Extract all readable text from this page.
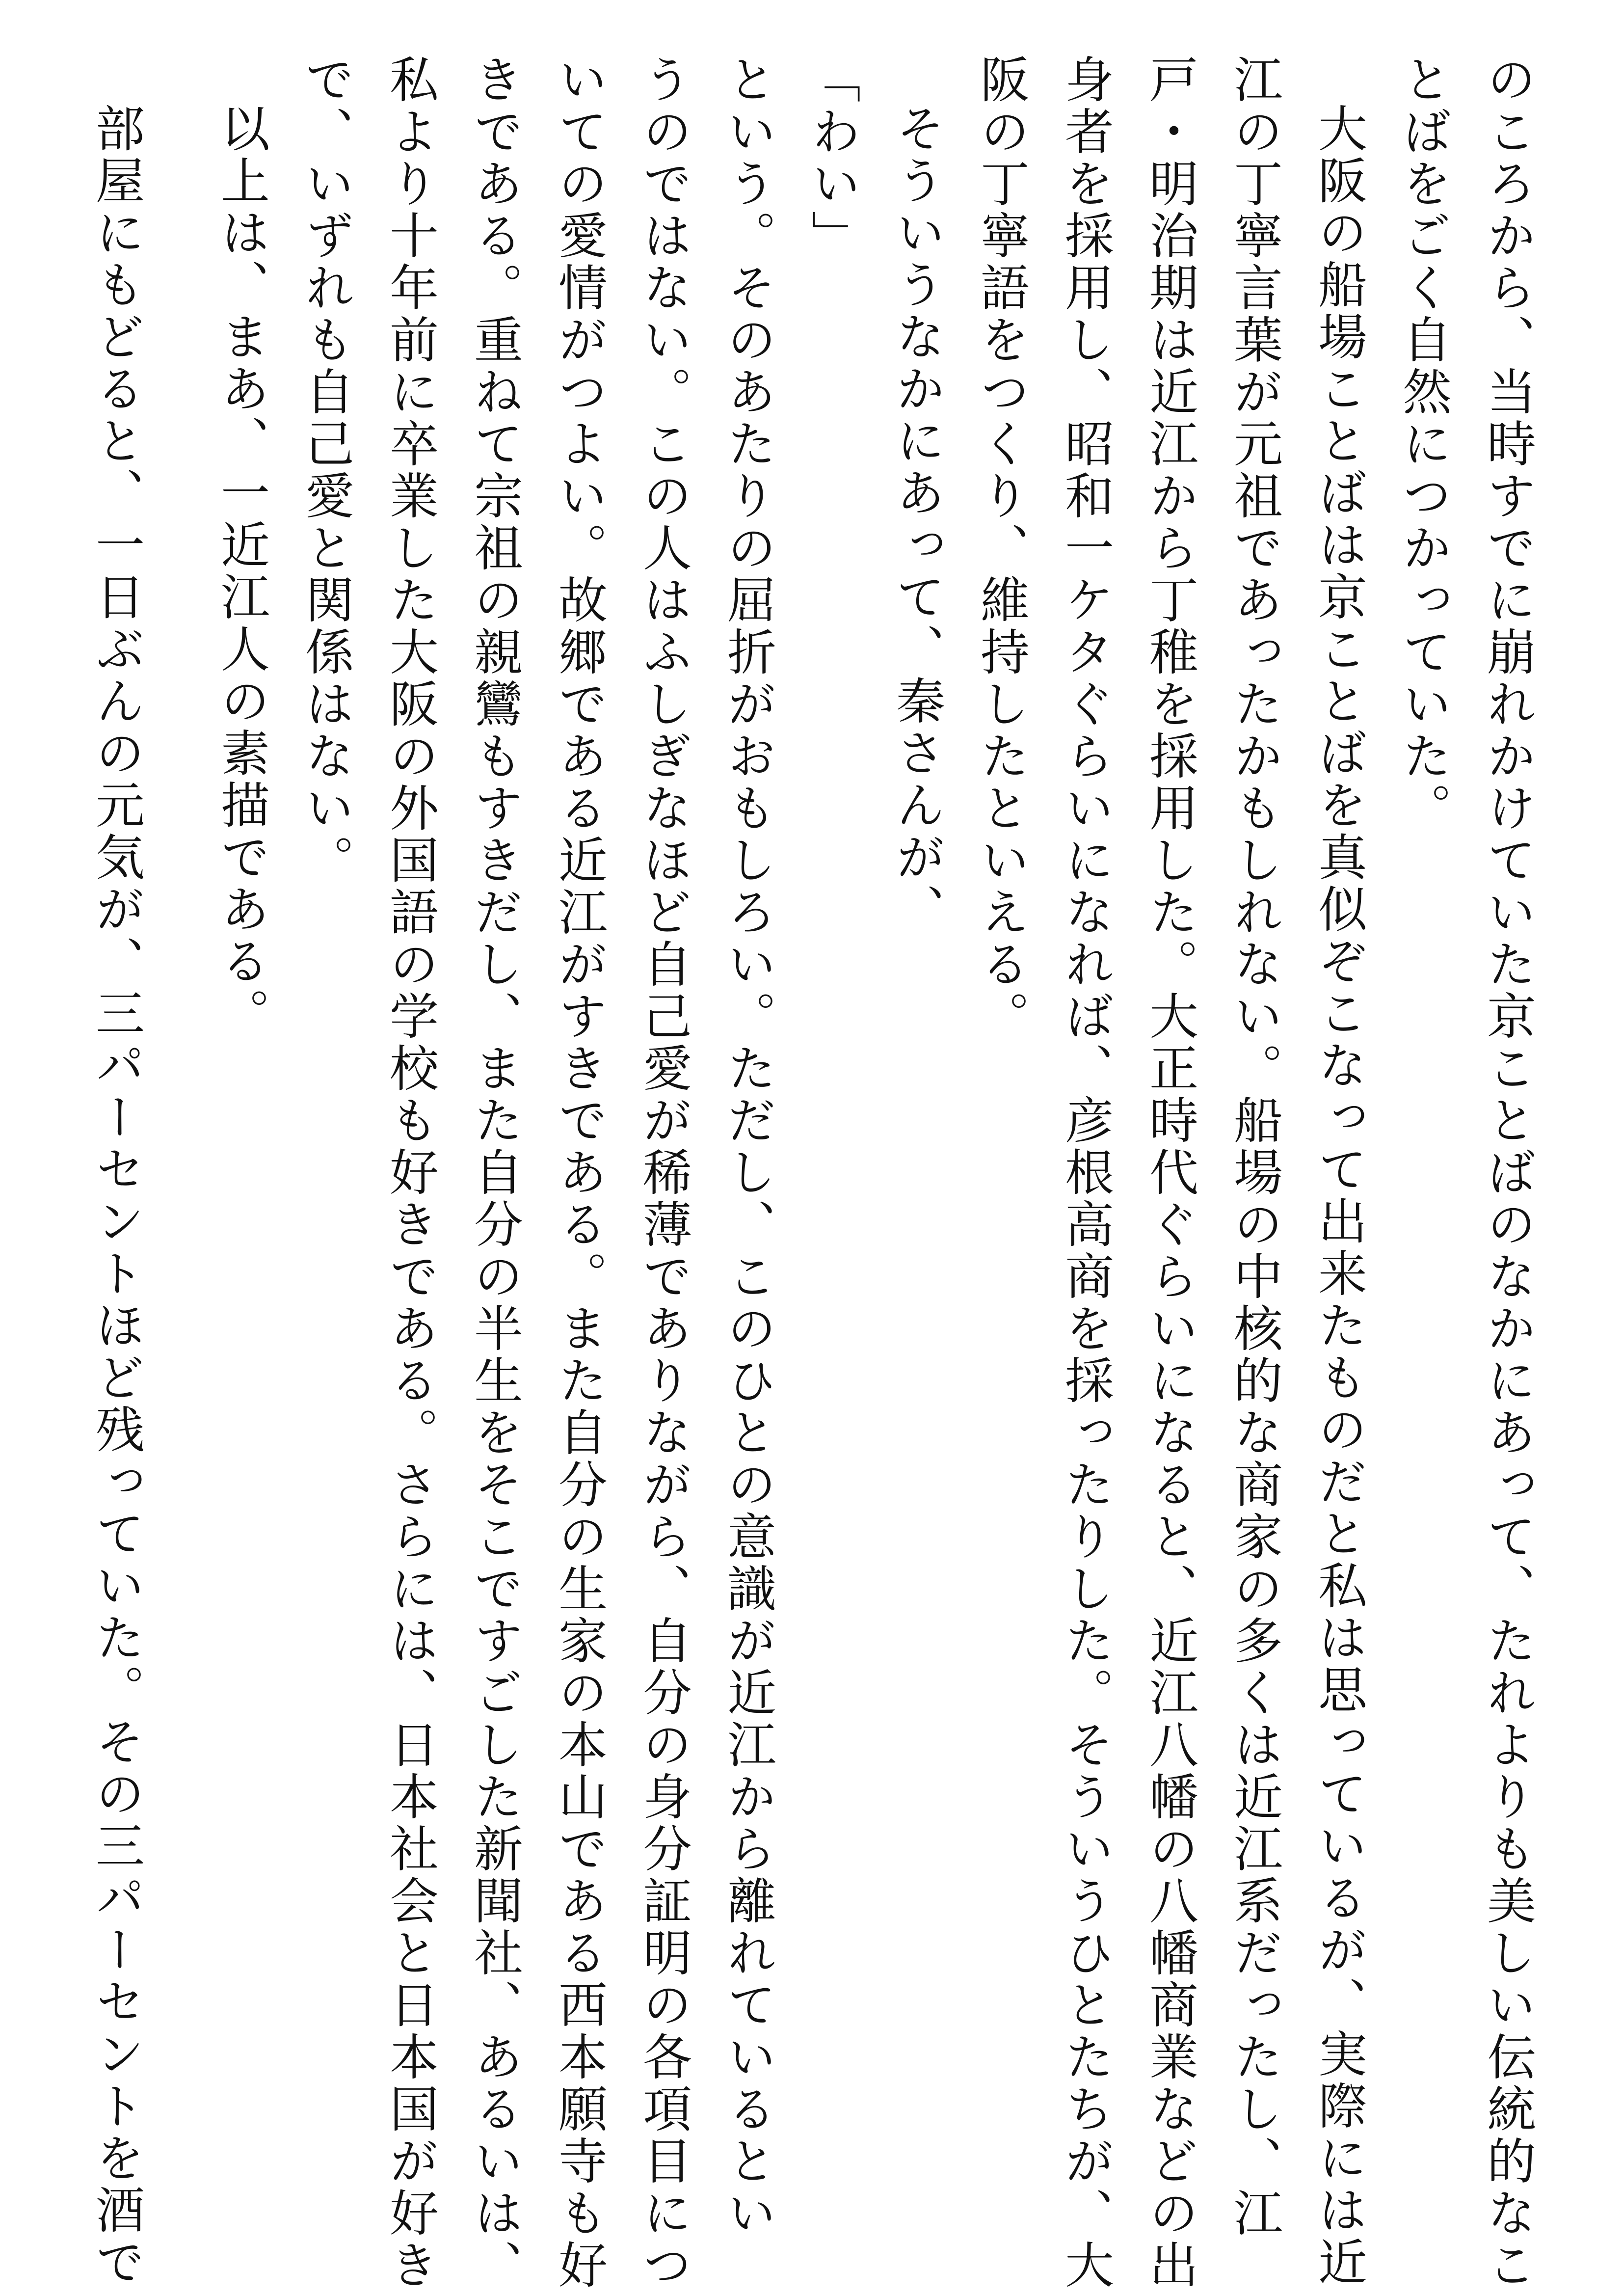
のころから、当時すでに崩れかけていた京ことばのなかにあって、たれよりも美しい伝統的なこ
とばをごく自然につかっていた。
大阪の船場ことばは京ことばを真似ぞこなって出来たものだと私は思っているが、実際には近
江の丁寧言葉が元祖であったかもしれない。船場の中核的な商家の多くは近江系だったし、江
戸・明治期は近江から丁稚を採用した。大正時代ぐらいになると、近江八幡の八幡商業などの出
身者を採用し、昭和一ケタぐらいになれば、彦根高商を採ったりした。そういうひとたちが、大
阪の丁寧語をつくり、維持したといえる。
そういうなかにあって、秦さんが、
「わい」
という。そのあたりの屈折がおもしろい。ただし、このひとの意識が近江から離れているとい
うのではない。この人はふしぎなほど自己愛が稀薄でありながら、自分の身分証明の各項目につ
いての愛情がつよい。故郷である近江がすきである。また自分の生家の本山である西本願寺も好
きである。重ねて宗祖の親鸞もすきだし、また自分の半生をそこですごした新聞社、あるいは、
私より十年前に卒業した大阪の外国語の学校も好きである。さらには、日本社会と日本国が好き
で、いずれも自己愛と関係はない。
以上は、まあ、一近江人の素描である。
部屋にもどると、一日ぶんの元気が、三パーセントほど残っていた。その三パーセントを酒で
